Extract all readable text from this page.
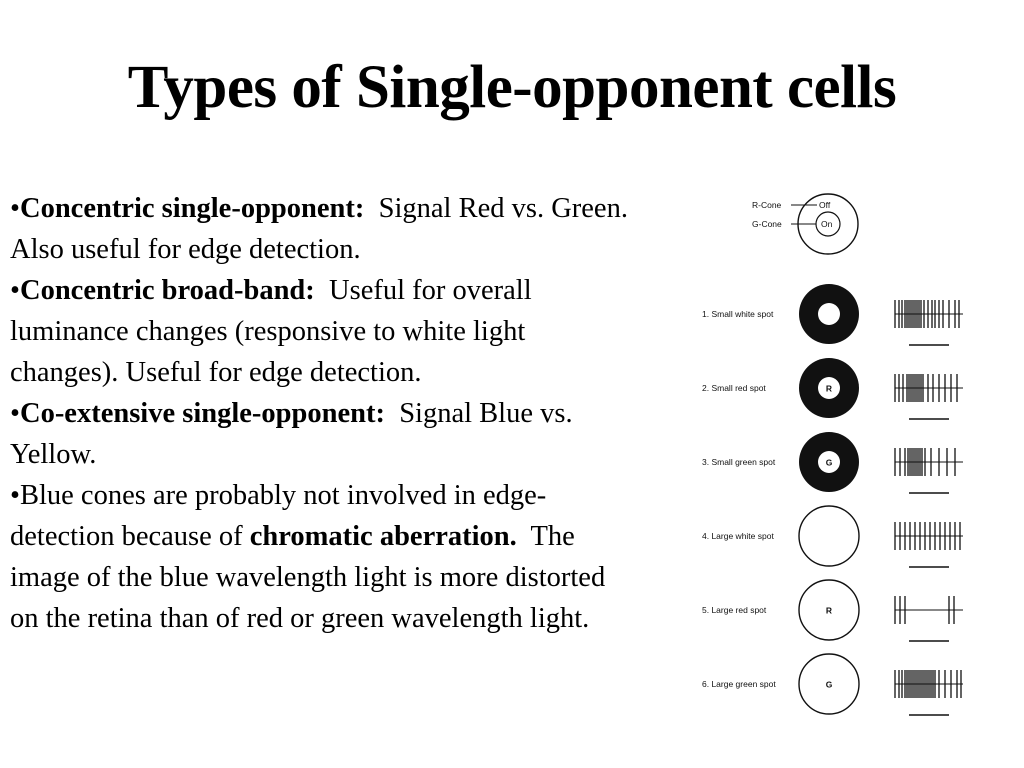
Types of Single-opponent cells

•Concentric single-opponent: Signal Red vs. Green. Also useful for edge detection.

•Concentric broad-band: Useful for overall luminance changes (responsive to white light changes). Useful for edge detection.

•Co-extensive single-opponent: Signal Blue vs. Yellow.

•Blue cones are probably not involved in edge-detection because of chromatic aberration. The image of the blue wavelength light is more distorted on the retina than of red or green wavelength light.

R-Cone
G-Cone
Off
On
1. Small white spot
2. Small red spot	R
3. Small green spot	G
4. Large white spot
5. Large red spot	R
6. Large green spot	G
